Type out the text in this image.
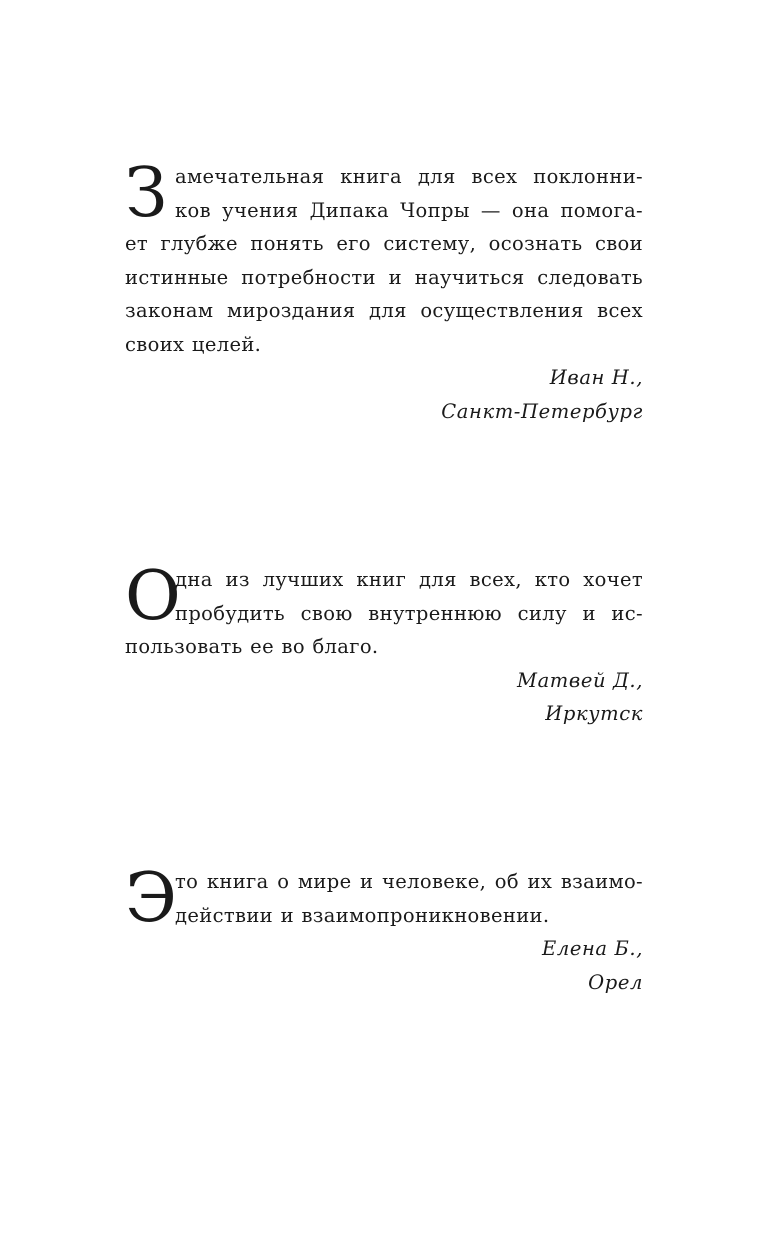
З амечательная книга для всех поклонни-
ков учения Дипака Чопры — она помога-
ет глубже понять его систему, осознать свои
истинные потребности и научиться следовать
законам мироздания для осуществления всех
своих целей.
Иван Н.,
Санкт-Петербург
О
дна из лучших книг для всех, кто хочет
пробудить свою внутреннюю силу и ис-
пользовать ее во благо.
Матвей Д.,
Иркутск
Э
то книга о мире и человеке, об их взаимо-
действии и взаимопроникновении.
Елена Б.,
Орел
